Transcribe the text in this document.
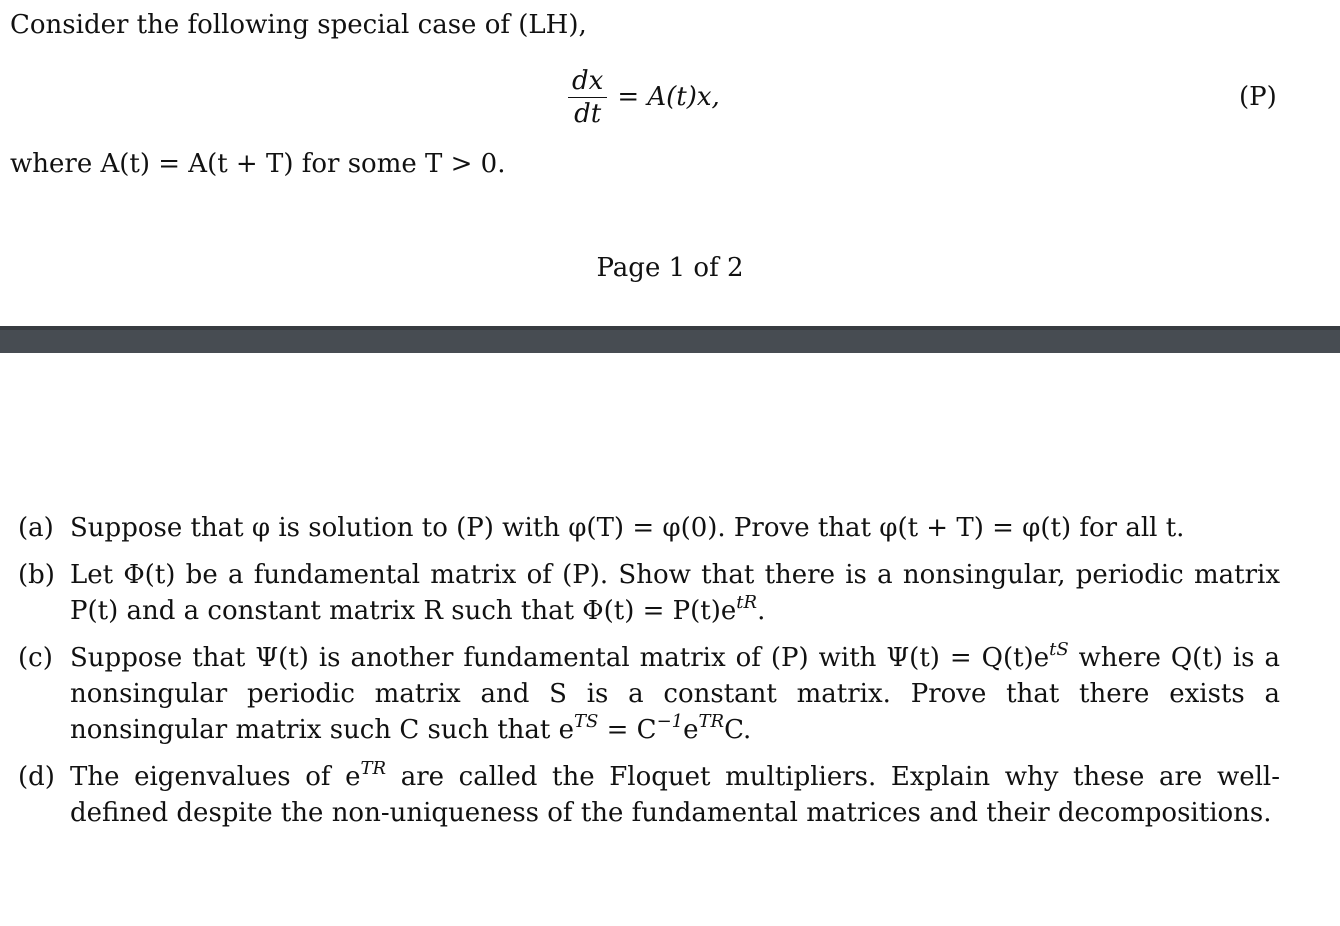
Consider the following special case of (LH),
$\frac{dx}{dt} = A(t)x$,	(P)
where A(t) = A(t + T) for some T > 0.
Page 1 of 2
(a) Suppose that φ is solution to (P) with φ(T) = φ(0). Prove that φ(t + T) = φ(t) for all t.
(b) Let Φ(t) be a fundamental matrix of (P). Show that there is a nonsingular, periodic matrix P(t) and a constant matrix R such that $\Phi(t) = P(t)e^{tR}$.
(c) Suppose that Ψ(t) is another fundamental matrix of (P) with $\Psi(t) = Q(t)e^{tS}$ where Q(t) is a nonsingular periodic matrix and S is a constant matrix. Prove that there exists a nonsingular matrix such C such that $e^{TS} = C^{-1}e^{TR}C$.
(d) The eigenvalues of $e^{TR}$ are called the Floquet multipliers. Explain why these are well-defined despite the non-uniqueness of the fundamental matrices and their decompositions.
